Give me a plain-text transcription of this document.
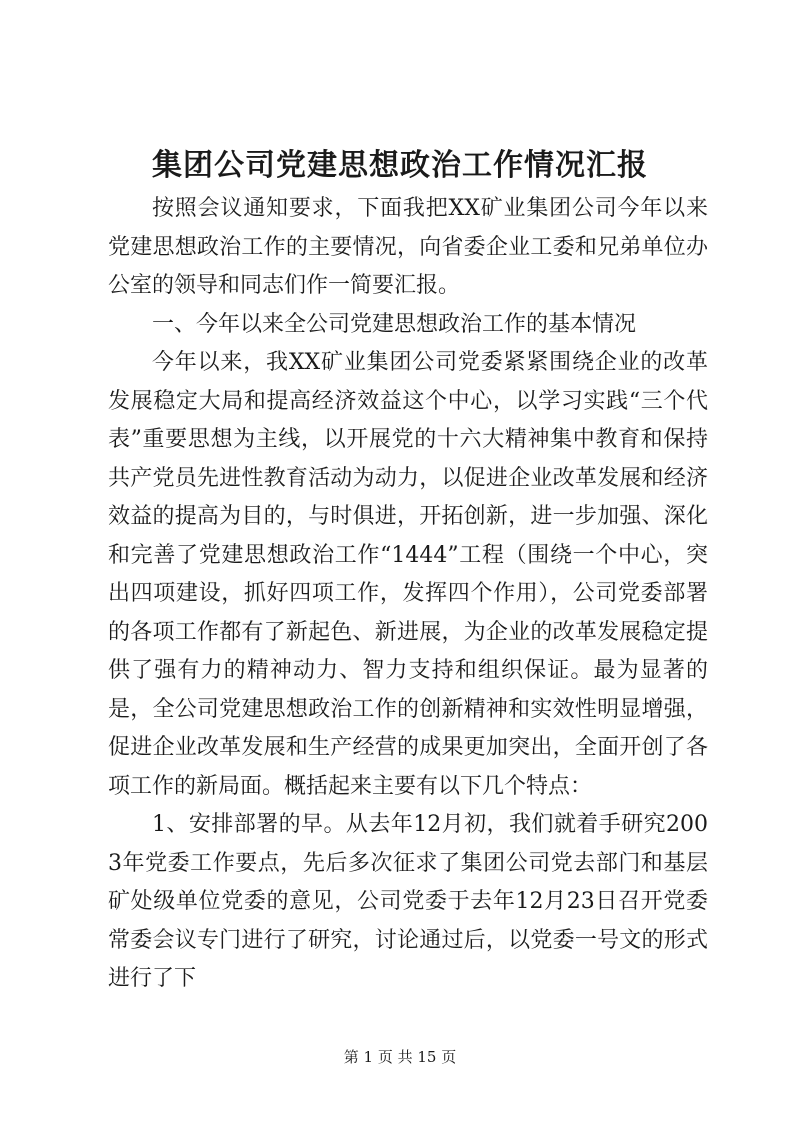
集团公司党建思想政治工作情况汇报

按照会议通知要求，下面我把XX矿业集团公司今年以来党建思想政治工作的主要情况，向省委企业工委和兄弟单位办公室的领导和同志们作一简要汇报。

一、今年以来全公司党建思想政治工作的基本情况

今年以来，我XX矿业集团公司党委紧紧围绕企业的改革发展稳定大局和提高经济效益这个中心，以学习实践“三个代表”重要思想为主线，以开展党的十六大精神集中教育和保持共产党员先进性教育活动为动力，以促进企业改革发展和经济效益的提高为目的，与时俱进，开拓创新，进一步加强、深化和完善了党建思想政治工作“1444”工程（围绕一个中心，突出四项建设，抓好四项工作，发挥四个作用），公司党委部署的各项工作都有了新起色、新进展，为企业的改革发展稳定提供了强有力的精神动力、智力支持和组织保证。最为显著的是，全公司党建思想政治工作的创新精神和实效性明显增强，促进企业改革发展和生产经营的成果更加突出，全面开创了各项工作的新局面。概括起来主要有以下几个特点：

1、安排部署的早。从去年12月初，我们就着手研究2003年党委工作要点，先后多次征求了集团公司党去部门和基层矿处级单位党委的意见，公司党委于去年12月23日召开党委常委会议专门进行了研究，讨论通过后，以党委一号文的形式进行了下

第 1 页 共 15 页
